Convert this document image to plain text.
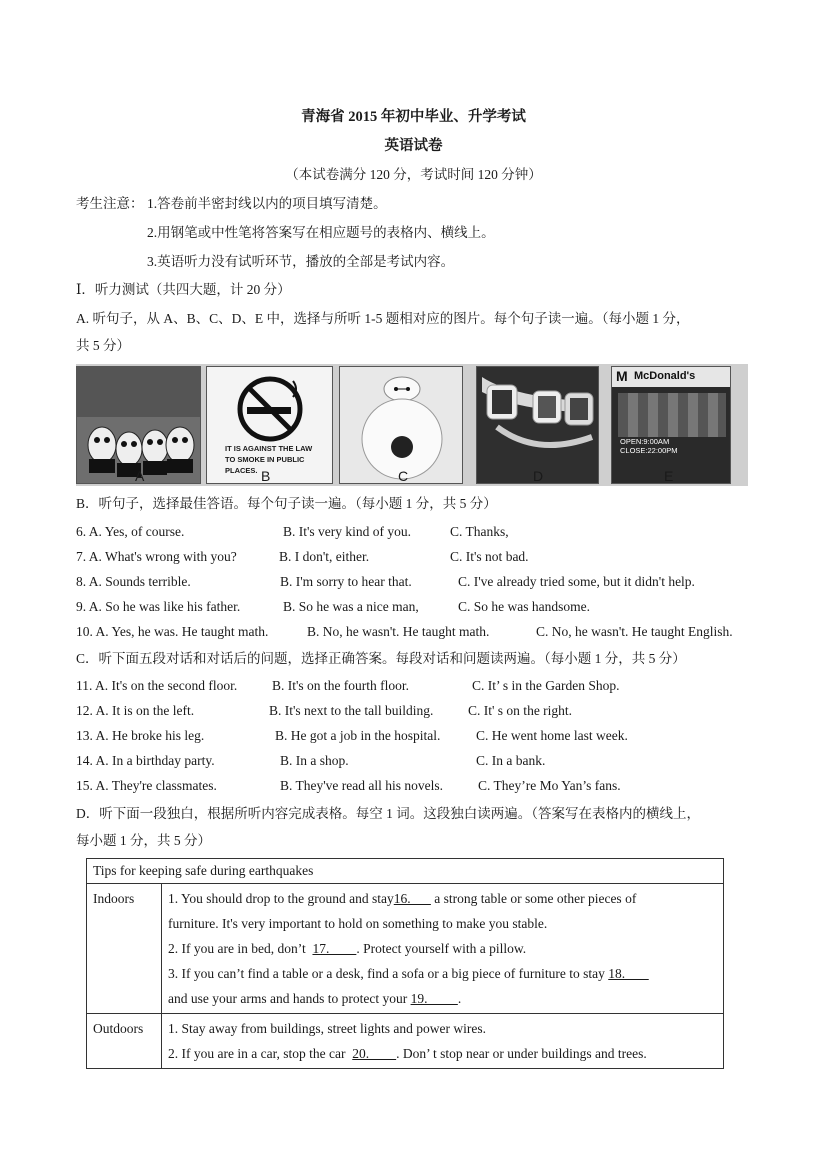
青海省 2015 年初中毕业、升学考试
英语试卷
（本试卷满分 120 分，考试时间 120 分钟）
考生注意： 1.答卷前半密封线以内的项目填写清楚。
2.用钢笔或中性笔将答案写在相应题号的表格内、横线上。
3.英语听力没有试听环节，播放的全部是考试内容。
Ⅰ．听力测试（共四大题，计 20 分）
A. 听句子，从 A、B、C、D、E 中，选择与所听 1-5 题相对应的图片。每个句子读一遍。（每小题 1 分，
共 5 分）
IT IS AGAINST THE LAW TO SMOKE IN PUBLIC PLACES.
M McDonald's
OPEN:9:00AM
CLOSE:22:00PM
A	B	C	D	E
B．听句子，选择最佳答语。每个句子读一遍。（每小题 1 分，共 5 分）
6. A. Yes, of course.	B. It's very kind of you.	C. Thanks,
7. A. What's wrong with you?	B. I don't, either.	C. It's not bad.
8. A. Sounds terrible.	B. I'm sorry to hear that.	C. I've already tried some, but it didn't help.
9. A. So he was like his father.	B. So he was a nice man,	C. So he was handsome.
10. A. Yes, he was. He taught math.	B. No, he wasn't. He taught math.	C. No, he wasn't. He taught English.
C．听下面五段对话和对话后的问题，选择正确答案。每段对话和问题读两遍。（每小题 1 分，共 5 分）
11. A. It's on the second floor.	B. It's on the fourth floor.	C. It’ s in the Garden Shop.
12. A. It is on the left.	B. It's next to the tall building.	C. It' s on the right.
13. A. He broke his leg.	B. He got a job in the hospital.	C. He went home last week.
14. A. In a birthday party.	B. In a shop.	C. In a bank.
15. A. They're classmates.	B. They've read all his novels.	C. They’re Mo Yan’s fans.
D．听下面一段独白，根据所听内容完成表格。每空 1 词。这段独白读两遍。（答案写在表格内的横线上，
每小题 1 分，共 5 分）
Tips for keeping safe during earthquakes	
Indoors	1. You should drop to the ground and stay16.       a strong table or some other pieces of
furniture. It's very important to hold on something to make you stable.
2. If you are in bed, don’t  17.        . Protect yourself with a pillow.
3. If you can’t find a table or a desk, find a sofa or a big piece of furniture to stay 18.
and use your arms and hands to protect your 19.         .

Outdoors	1. Stay away from buildings, street lights and power wires.
2. If you are in a car, stop the car  20.        . Don’ t stop near or under buildings and trees.
